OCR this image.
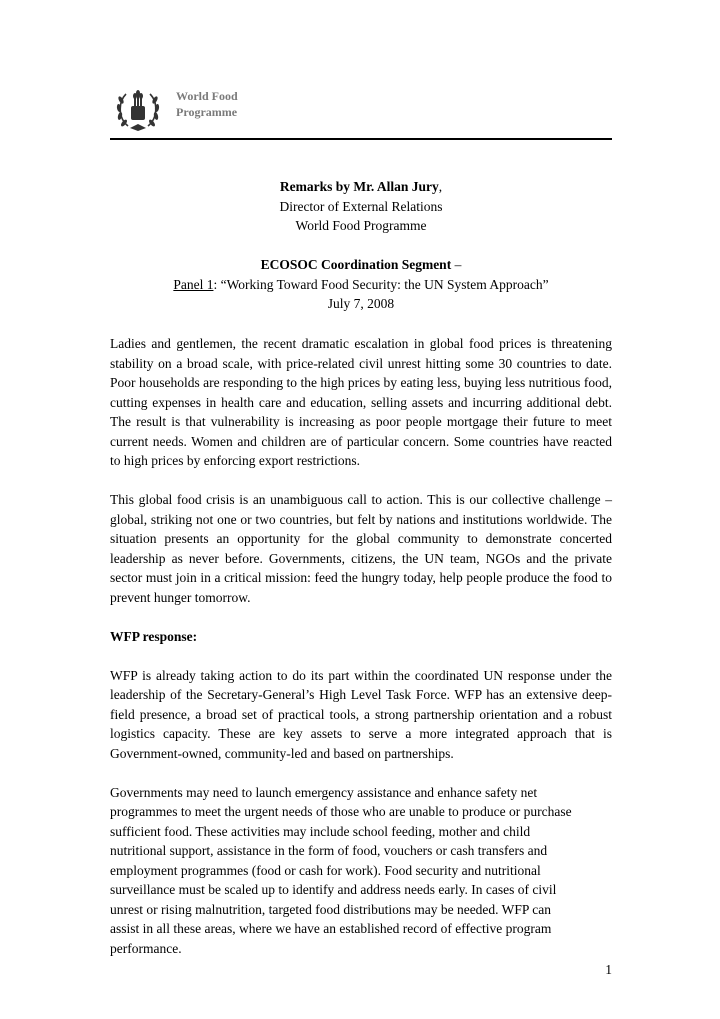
World Food
Programme
Remarks by Mr. Allan Jury,
Director of External Relations
World Food Programme
ECOSOC Coordination Segment –
Panel 1: “Working Toward Food Security: the UN System Approach”
July 7, 2008

Ladies and gentlemen, the recent dramatic escalation in global food prices is threatening stability on a broad scale, with price-related civil unrest hitting some 30 countries to date. Poor households are responding to the high prices by eating less, buying less nutritious food, cutting expenses in health care and education, selling assets and incurring additional debt. The result is that vulnerability is increasing as poor people mortgage their future to meet current needs. Women and children are of particular concern. Some countries have reacted to high prices by enforcing export restrictions.

This global food crisis is an unambiguous call to action. This is our collective challenge – global, striking not one or two countries, but felt by nations and institutions worldwide. The situation presents an opportunity for the global community to demonstrate concerted leadership as never before. Governments, citizens, the UN team, NGOs and the private sector must join in a critical mission: feed the hungry today, help people produce the food to prevent hunger tomorrow.

WFP response:

WFP is already taking action to do its part within the coordinated UN response under the leadership of the Secretary-General’s High Level Task Force. WFP has an extensive deep-field presence, a broad set of practical tools, a strong partnership orientation and a robust logistics capacity. These are key assets to serve a more integrated approach that is Government-owned, community-led and based on partnerships.

Governments may need to launch emergency assistance and enhance safety net
programmes to meet the urgent needs of those who are unable to produce or purchase
sufficient food. These activities may include school feeding, mother and child
nutritional support, assistance in the form of food, vouchers or cash transfers and
employment programmes (food or cash for work). Food security and nutritional
surveillance must be scaled up to identify and address needs early. In cases of civil
unrest or rising malnutrition, targeted food distributions may be needed. WFP can
assist in all these areas, where we have an established record of effective program
performance.

1
